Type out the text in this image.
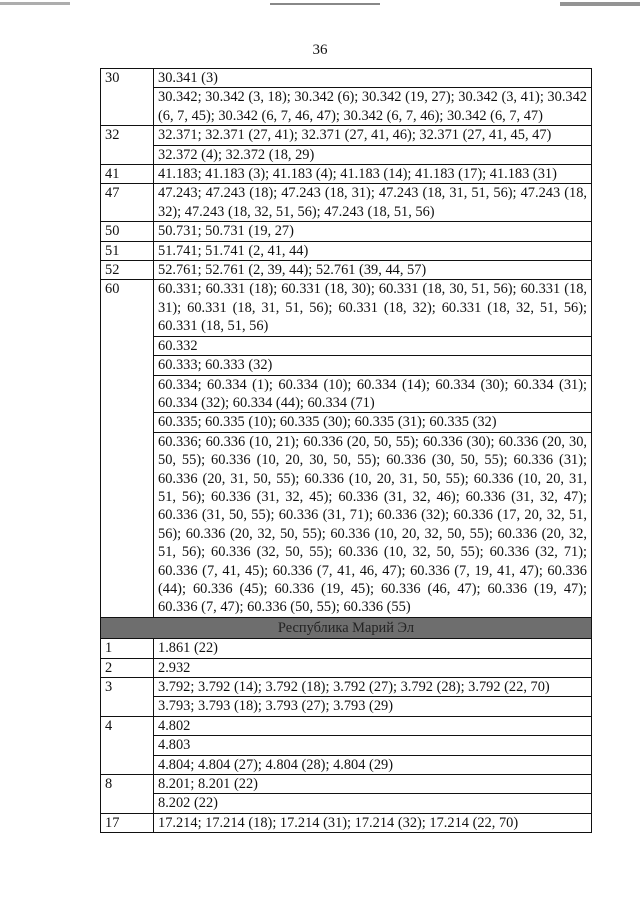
36
30	30.341 (3)
	30.342; 30.342 (3, 18); 30.342 (6); 30.342 (19, 27); 30.342 (3, 41); 30.342 (6, 7, 45); 30.342 (6, 7, 46, 47); 30.342 (6, 7, 46); 30.342 (6, 7, 47)
32	32.371; 32.371 (27, 41); 32.371 (27, 41, 46); 32.371 (27, 41, 45, 47)
	32.372 (4); 32.372 (18, 29)
41	41.183; 41.183 (3); 41.183 (4); 41.183 (14); 41.183 (17); 41.183 (31)
47	47.243; 47.243 (18); 47.243 (18, 31); 47.243 (18, 31, 51, 56); 47.243 (18, 32); 47.243 (18, 32, 51, 56); 47.243 (18, 51, 56)
50	50.731; 50.731 (19, 27)
51	51.741; 51.741 (2, 41, 44)
52	52.761; 52.761 (2, 39, 44); 52.761 (39, 44, 57)
60	60.331; 60.331 (18); 60.331 (18, 30); 60.331 (18, 30, 51, 56); 60.331 (18, 31); 60.331 (18, 31, 51, 56); 60.331 (18, 32); 60.331 (18, 32, 51, 56); 60.331 (18, 51, 56)
	60.332
	60.333; 60.333 (32)
	60.334; 60.334 (1); 60.334 (10); 60.334 (14); 60.334 (30); 60.334 (31); 60.334 (32); 60.334 (44); 60.334 (71)
	60.335; 60.335 (10); 60.335 (30); 60.335 (31); 60.335 (32)
	60.336; 60.336 (10, 21); 60.336 (20, 50, 55); 60.336 (30); 60.336 (20, 30, 50, 55); 60.336 (10, 20, 30, 50, 55); 60.336 (30, 50, 55); 60.336 (31); 60.336 (20, 31, 50, 55); 60.336 (10, 20, 31, 50, 55); 60.336 (10, 20, 31, 51, 56); 60.336 (31, 32, 45); 60.336 (31, 32, 46); 60.336 (31, 32, 47); 60.336 (31, 50, 55); 60.336 (31, 71); 60.336 (32); 60.336 (17, 20, 32, 51, 56); 60.336 (20, 32, 50, 55); 60.336 (10, 20, 32, 50, 55); 60.336 (20, 32, 51, 56); 60.336 (32, 50, 55); 60.336 (10, 32, 50, 55); 60.336 (32, 71); 60.336 (7, 41, 45); 60.336 (7, 41, 46, 47); 60.336 (7, 19, 41, 47); 60.336 (44); 60.336 (45); 60.336 (19, 45); 60.336 (46, 47); 60.336 (19, 47); 60.336 (7, 47); 60.336 (50, 55); 60.336 (55)
Республика Марий Эл	
1	1.861 (22)
2	2.932
3	3.792; 3.792 (14); 3.792 (18); 3.792 (27); 3.792 (28); 3.792 (22, 70)
	3.793; 3.793 (18); 3.793 (27); 3.793 (29)
4	4.802
	4.803
	4.804; 4.804 (27); 4.804 (28); 4.804 (29)
8	8.201; 8.201 (22)
	8.202 (22)
17	17.214; 17.214 (18); 17.214 (31); 17.214 (32); 17.214 (22, 70)
